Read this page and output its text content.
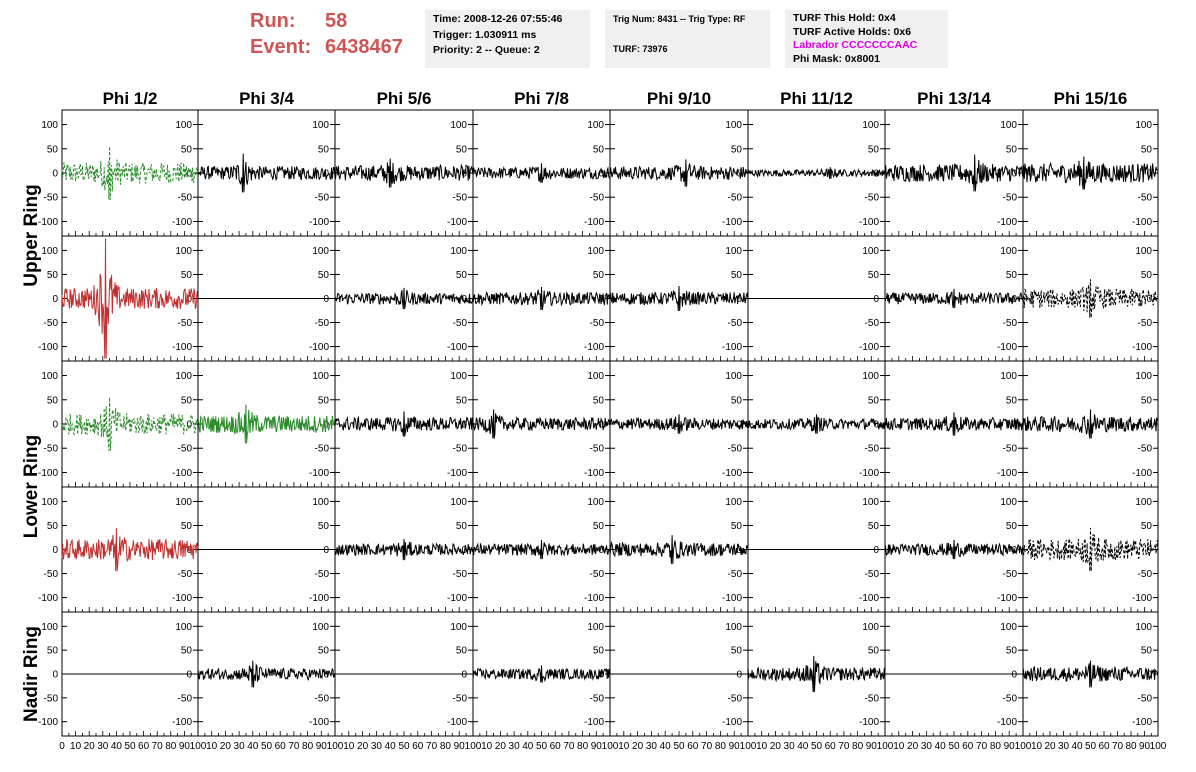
Run: 58
Event: 6438467
Time: 2008-12-26 07:55:46
Trigger: 1.030911 ms
Priority: 2 -- Queue: 2
Trig Num: 8431 -- Trig Type: RF
TURF: 73976
TURF This Hold: 0x4
TURF Active Holds: 0x6
Labrador CCCCCCCAAC
Phi Mask: 0x8001
Phi 1/2	Phi 3/4	Phi 5/6	Phi 7/8	Phi 9/10	Phi 11/12	Phi 13/14	Phi 15/16
Upper Ring
Lower Ring
Nadir Ring
-100	-100
-50	-50
0	0
50	50
100	100
-100
-50
0
50
100
-100
-50
0
50
100
-100
-50
0
50
100
-100
-50
0
50
100
-100
-50
0
50
100
-100
-50
0
50
100
-100
-50
0
50
100
-100	-100
-50	-50
0	0
50	50
100	100
-100
-50
0
50
100
-100
-50
0
50
100
-100
-50
0
50
100
-100
-50
0
50
100
-100
-50
0
50
100
-100
-50
0
50
100
-100
-50
0
50
100
-100	-100
-50	-50
0	0
50	50
100	100
-100
-50
0
50
100
-100
-50
0
50
100
-100
-50
0
50
100
-100
-50
0
50
100
-100
-50
0
50
100
-100
-50
0
50
100
-100
-50
0
50
100
-100	-100
-50	-50
0	0
50	50
100	100
-100
-50
0
50
100
-100
-50
0
50
100
-100
-50
0
50
100
-100
-50
0
50
100
-100
-50
0
50
100
-100
-50
0
50
100
-100
-50
0
50
100
-100	-100
-50	-50
0	0
50	50
100	100
-100
-50
0
50
100
-100
-50
0
50
100
-100
-50
0
50
100
-100
-50
0
50
100
-100
-50
0
50
100
-100
-50
0
50
100
-100
-50
0
50
100
0 10 20 30 40 50 60 70 80 90 100 10 20 30 40 50 60 70 80 90 100 10 20 30 40 50 60 70 80 90 100 10 20 30 40 50 60 70 80 90 100 10 20 30 40 50 60 70 80 90 100 10 20 30 40 50 60 70 80 90 100 10 20 30 40 50 60 70 80 90 100 10 20 30 40 50 60 70 80 90 100
